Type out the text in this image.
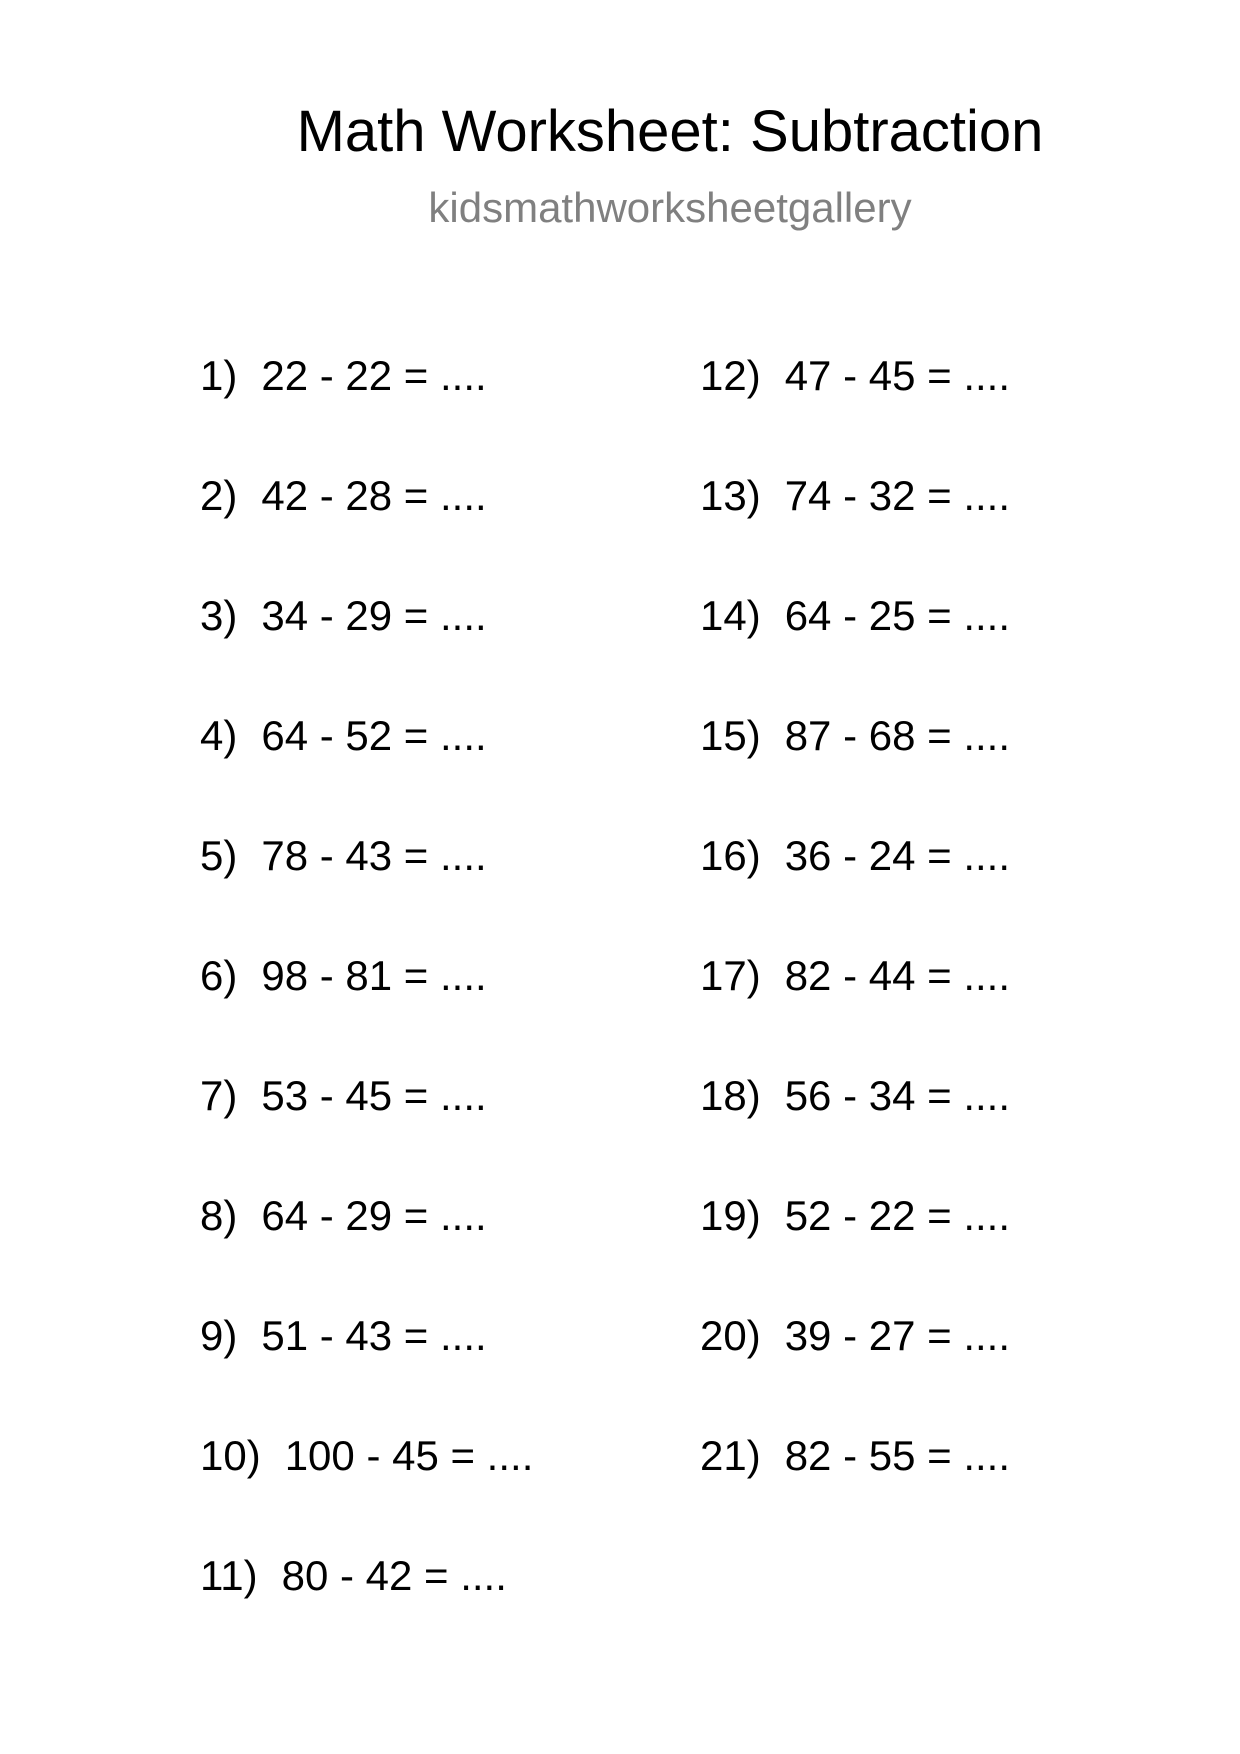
Math Worksheet: Subtraction
kidsmathworksheetgallery
1) 22 - 22 = ....
2) 42 - 28 = ....
3) 34 - 29 = ....
4) 64 - 52 = ....
5) 78 - 43 = ....
6) 98 - 81 = ....
7) 53 - 45 = ....
8) 64 - 29 = ....
9) 51 - 43 = ....
10) 100 - 45 = ....
11) 80 - 42 = ....
12) 47 - 45 = ....
13) 74 - 32 = ....
14) 64 - 25 = ....
15) 87 - 68 = ....
16) 36 - 24 = ....
17) 82 - 44 = ....
18) 56 - 34 = ....
19) 52 - 22 = ....
20) 39 - 27 = ....
21) 82 - 55 = ....
